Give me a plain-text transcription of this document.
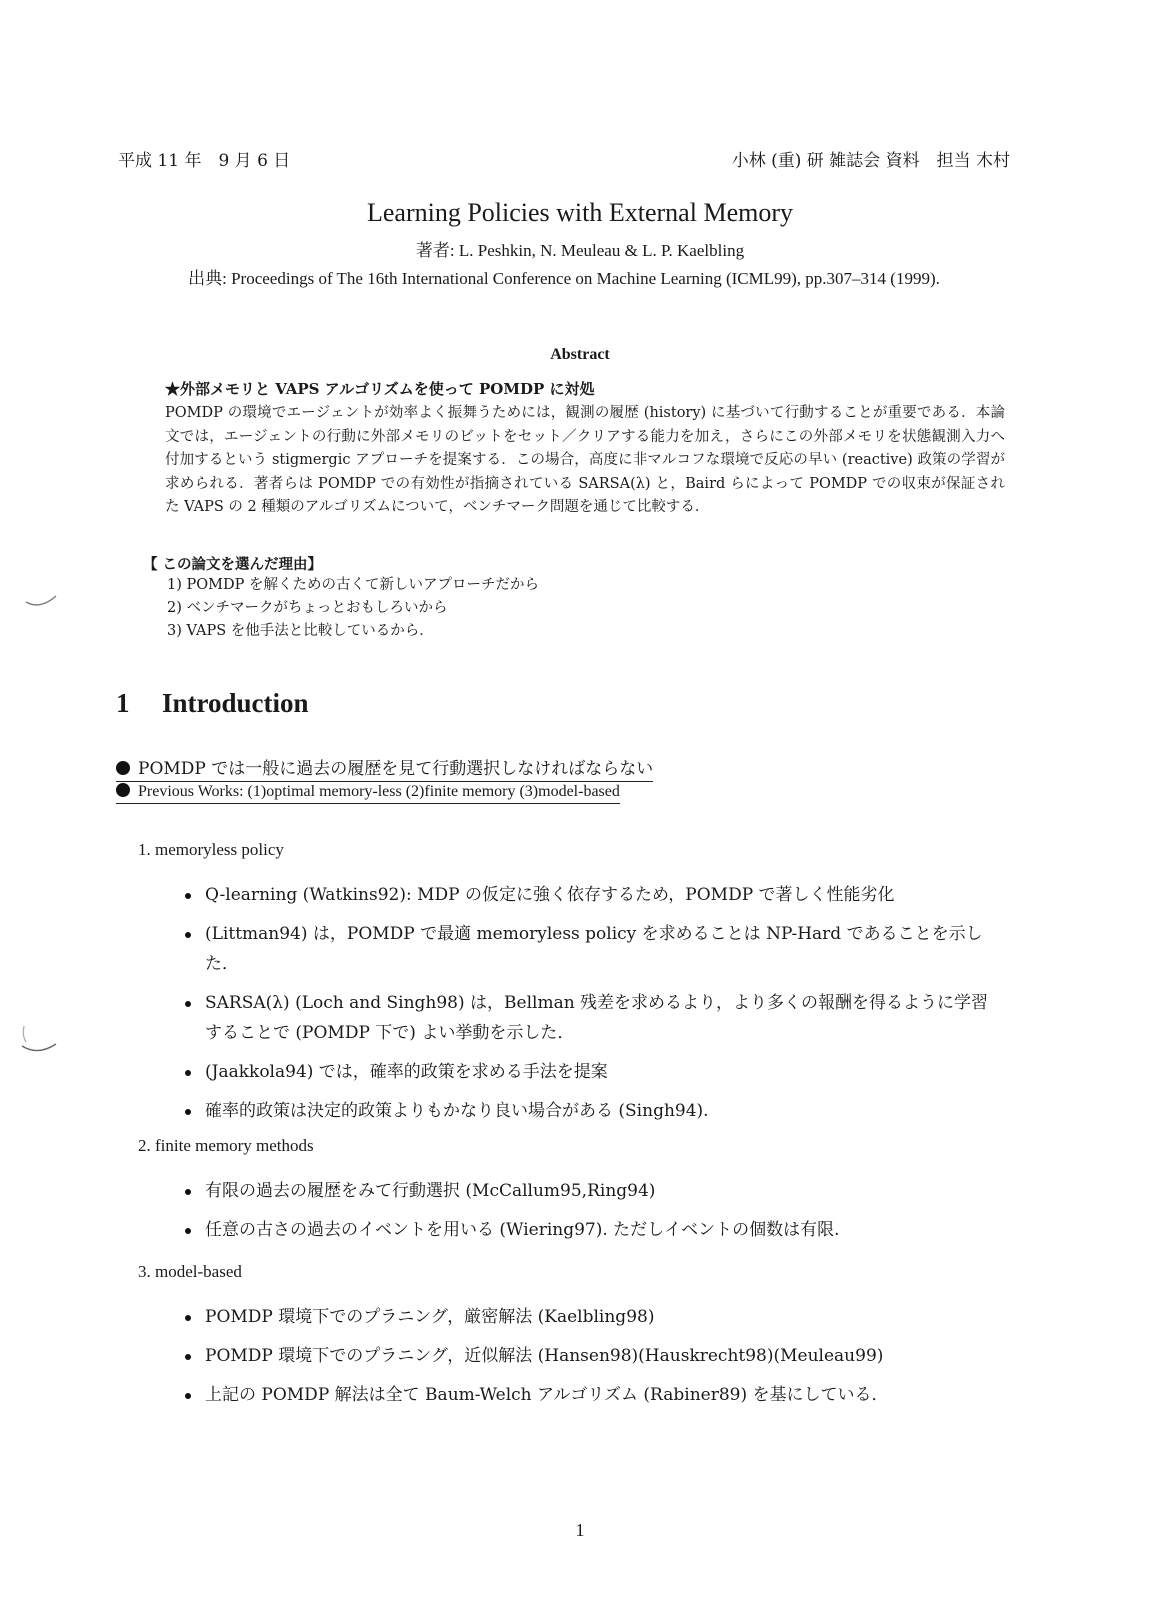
平成 11 年　9 月 6 日	小林 (重) 研 雑誌会 資料　担当 木村
Learning Policies with External Memory
著者: L. Peshkin, N. Meuleau & L. P. Kaelbling
出典: Proceedings of The 16th International Conference on Machine Learning (ICML99), pp.307–314 (1999).
Abstract
★外部メモリと VAPS アルゴリズムを使って POMDP に対処
POMDP の環境でエージェントが効率よく振舞うためには，観測の履歴 (history) に基づいて行動することが重要である．本論文では，エージェントの行動に外部メモリのビットをセット／クリアする能力を加え，さらにこの外部メモリを状態観測入力へ付加するという stigmergic アプローチを提案する．この場合，高度に非マルコフな環境で反応の早い (reactive) 政策の学習が求められる．著者らは POMDP での有効性が指摘されている SARSA(λ) と，Baird らによって POMDP での収束が保証された VAPS の 2 種類のアルゴリズムについて，ベンチマーク問題を通じて比較する．
【 この論文を選んだ理由】
1) POMDP を解くための古くて新しいアプローチだから
2) ベンチマークがちょっとおもしろいから
3) VAPS を他手法と比較しているから．
1 Introduction
POMDP では一般に過去の履歴を見て行動選択しなければならない
Previous Works: (1)optimal memory-less (2)finite memory (3)model-based
1. memoryless policy
Q-learning (Watkins92): MDP の仮定に強く依存するため，POMDP で著しく性能劣化
(Littman94) は，POMDP で最適 memoryless policy を求めることは NP-Hard であることを示した．
SARSA(λ) (Loch and Singh98) は，Bellman 残差を求めるより，より多くの報酬を得るように学習することで (POMDP 下で) よい挙動を示した．
(Jaakkola94) では，確率的政策を求める手法を提案
確率的政策は決定的政策よりもかなり良い場合がある (Singh94).
2. finite memory methods
有限の過去の履歴をみて行動選択 (McCallum95,Ring94)
任意の古さの過去のイベントを用いる (Wiering97). ただしイベントの個数は有限.
3. model-based
POMDP 環境下でのプラニング，厳密解法 (Kaelbling98)
POMDP 環境下でのプラニング，近似解法 (Hansen98)(Hauskrecht98)(Meuleau99)
上記の POMDP 解法は全て Baum-Welch アルゴリズム (Rabiner89) を基にしている．
1
